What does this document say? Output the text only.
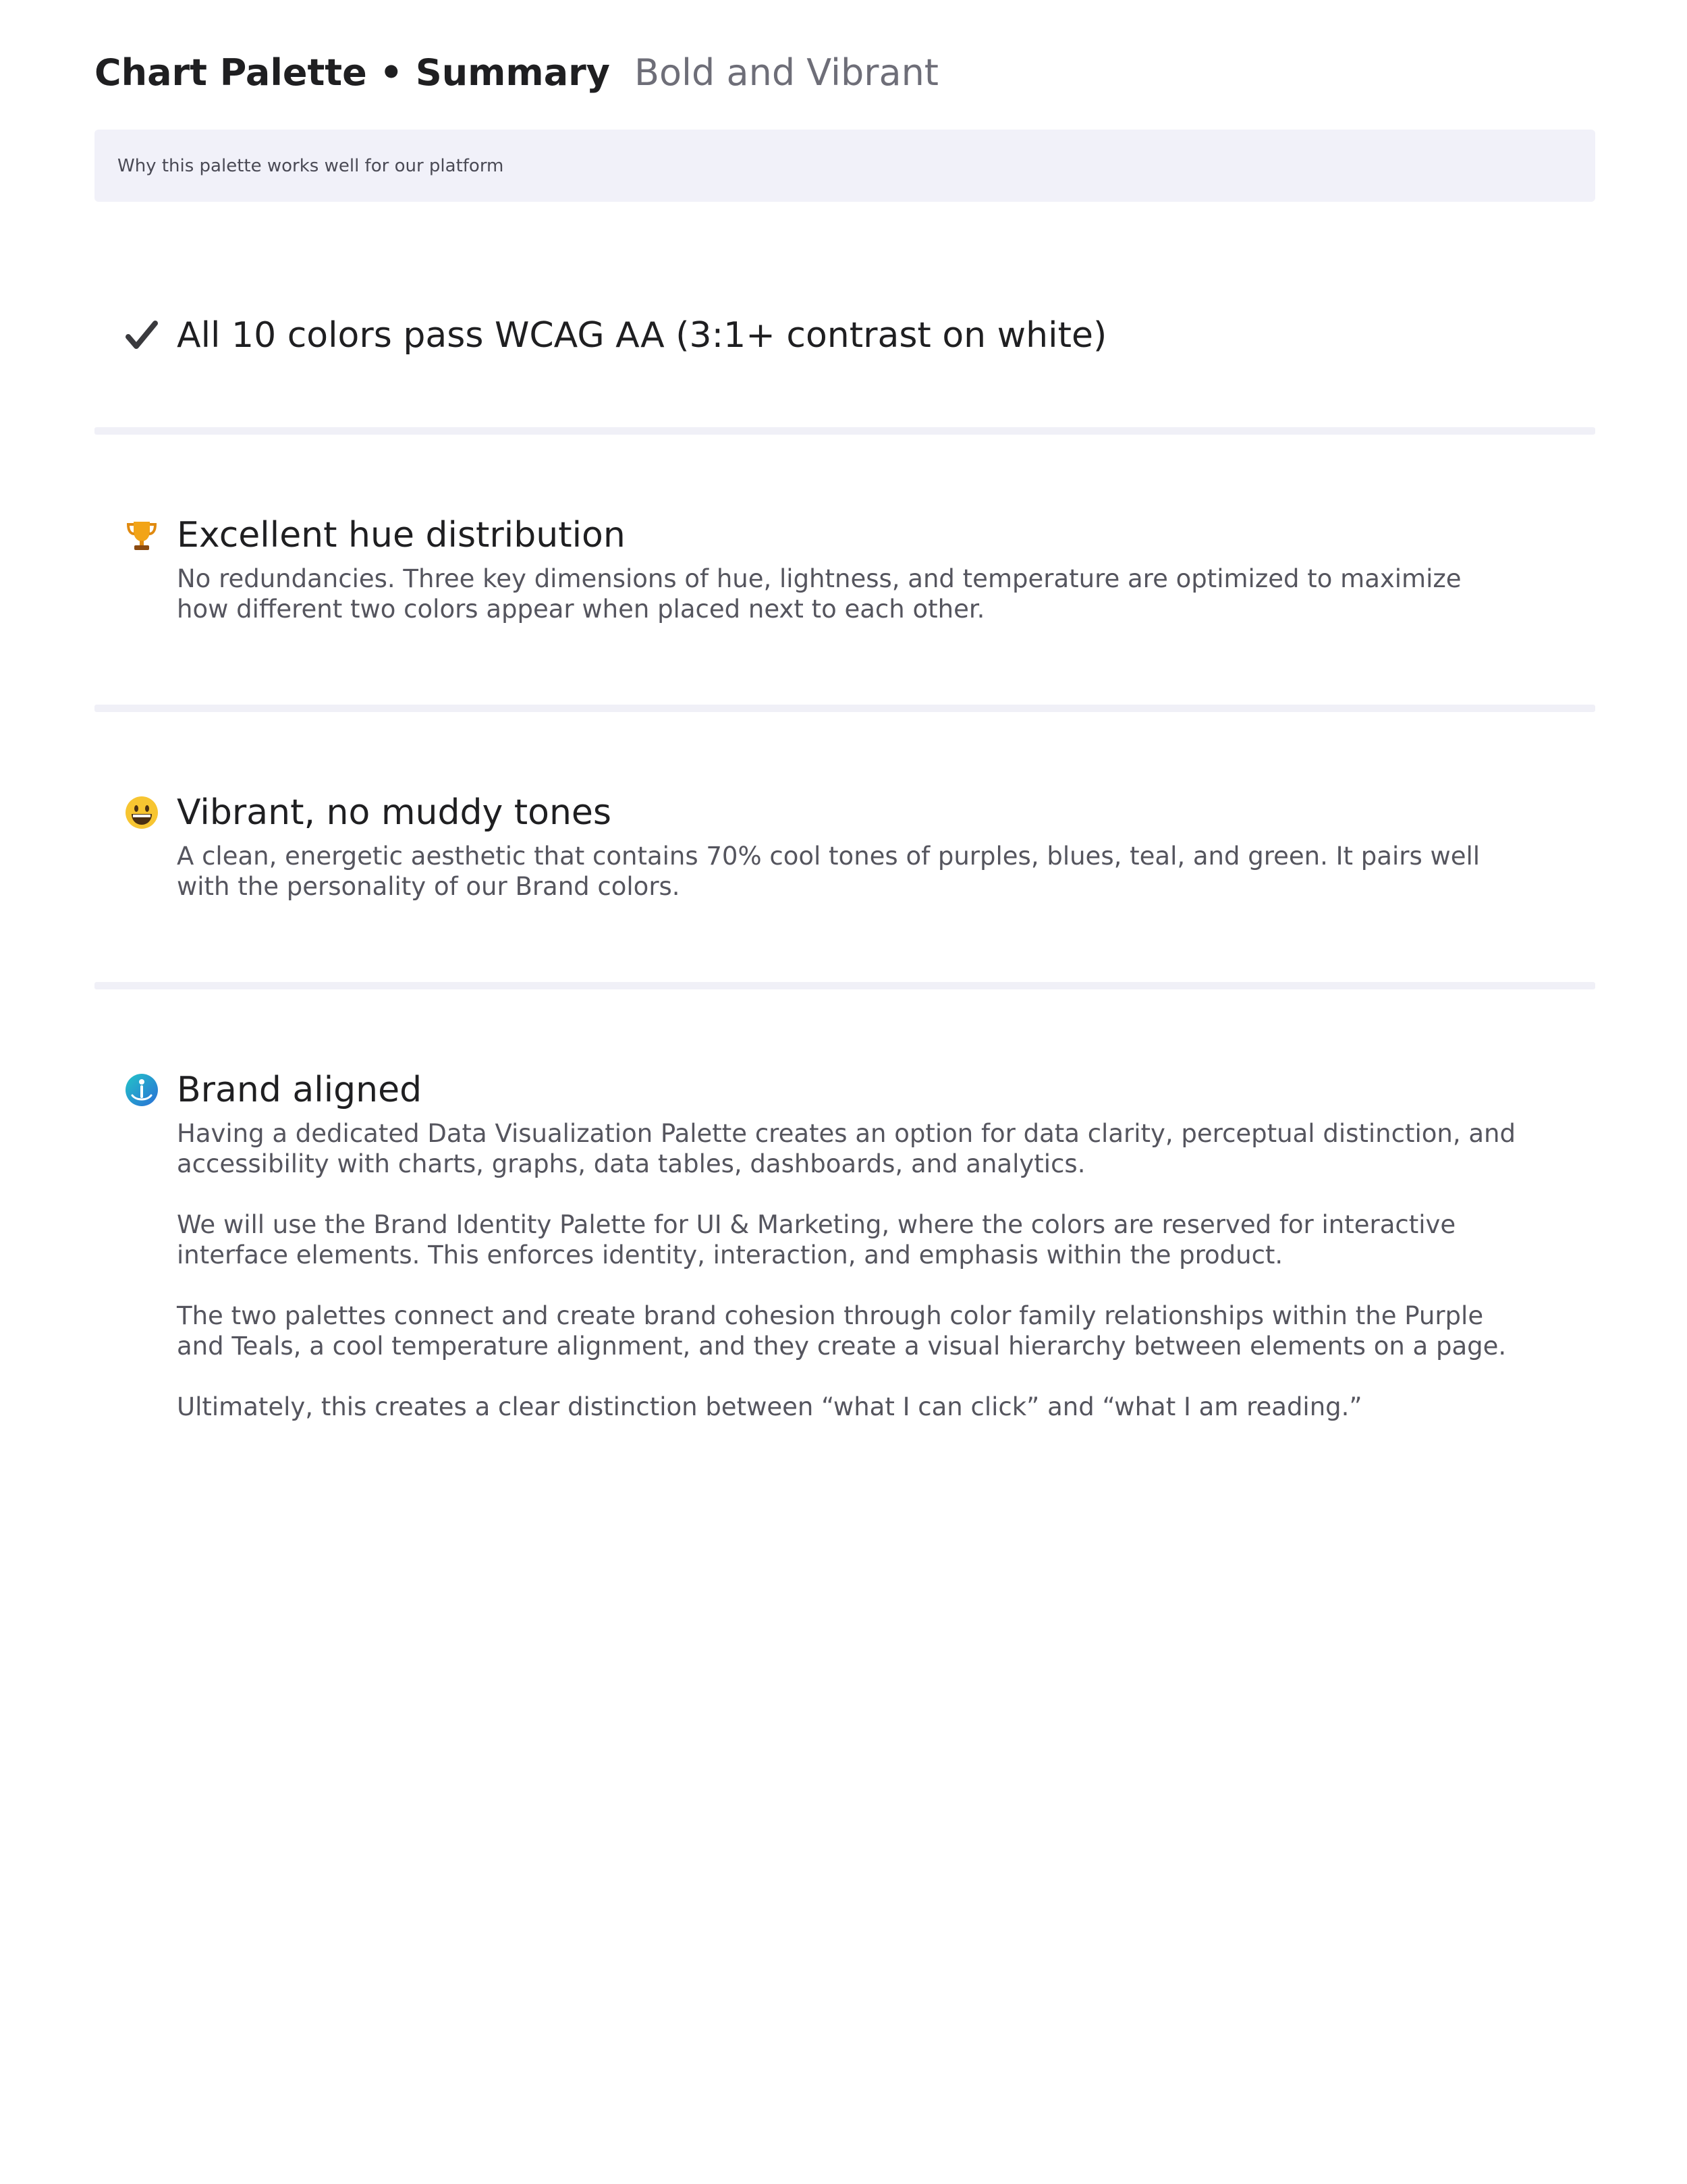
Chart Palette • Summary Bold and Vibrant
Why this palette works well for our platform
All 10 colors pass WCAG AA (3:1+ contrast on white)
Excellent hue distribution
No redundancies. Three key dimensions of hue, lightness, and temperature are optimized to maximize how different two colors appear when placed next to each other.
Vibrant, no muddy tones
A clean, energetic aesthetic that contains 70% cool tones of purples, blues, teal, and green. It pairs well with the personality of our Brand colors.
Brand aligned
Having a dedicated Data Visualization Palette creates an option for data clarity, perceptual distinction, and accessibility with charts, graphs, data tables, dashboards, and analytics.
We will use the Brand Identity Palette for UI & Marketing, where the colors are reserved for interactive interface elements. This enforces identity, interaction, and emphasis within the product.
The two palettes connect and create brand cohesion through color family relationships within the Purple and Teals, a cool temperature alignment, and they create a visual hierarchy between elements on a page.
Ultimately, this creates a clear distinction between “what I can click” and “what I am reading.”
